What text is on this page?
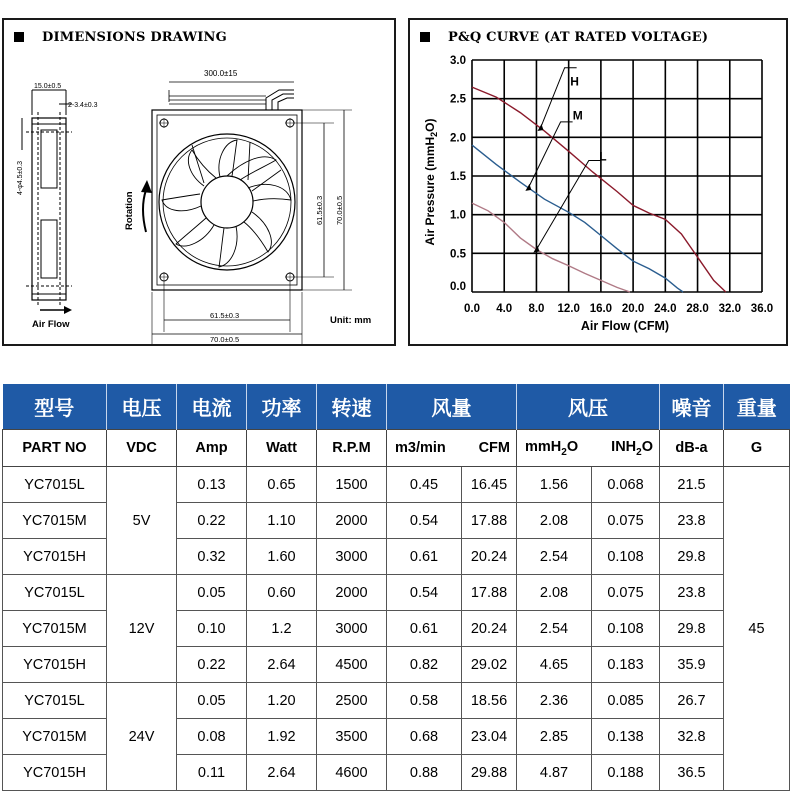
DIMENSIONS DRAWING
15.0±0.5
2-3.4±0.3
4-φ4.5±0.3
Air Flow
300.0±15
61.5±0.3
70.0±0.5
61.5±0.3 70.0±0.5
Rotation
Unit: mm
P&Q CURVE (AT RATED VOLTAGE)
0.0
0.5
1.0
1.5
2.0
2.5
3.0
0.0 4.0 8.0 12.0 16.0 20.0 24.0 28.0 32.0 36.0
H
M
L
Air Pressure (mmH$_2$O)
Air Flow (CFM)
型号	电压	电流	功率	转速	风量		风压		噪音	重量
PART NO	VDC	Amp	Watt	R.P.M	m3/min	CFM	mmH$_2$O	$INH_2O$	dB-a	G
YC7015L	5V	0.13	0.65	1500	0.45	16.45	1.56	0.068	21.5	45
YC7015M		0.22	1.10	2000	0.54	17.88	2.08	0.075	23.8	
YC7015H		0.32	1.60	3000	0.61	20.24	2.54	0.108	29.8	
YC7015L	12V	0.05	0.60	2000	0.54	17.88	2.08	0.075	23.8	
YC7015M		0.10	1.2	3000	0.61	20.24	2.54	0.108	29.8	
YC7015H		0.22	2.64	4500	0.82	29.02	4.65	0.183	35.9	
YC7015L	24V	0.05	1.20	2500	0.58	18.56	2.36	0.085	26.7	
YC7015M		0.08	1.92	3500	0.68	23.04	2.85	0.138	32.8	
YC7015H		0.11	2.64	4600	0.88	29.88	4.87	0.188	36.5	
